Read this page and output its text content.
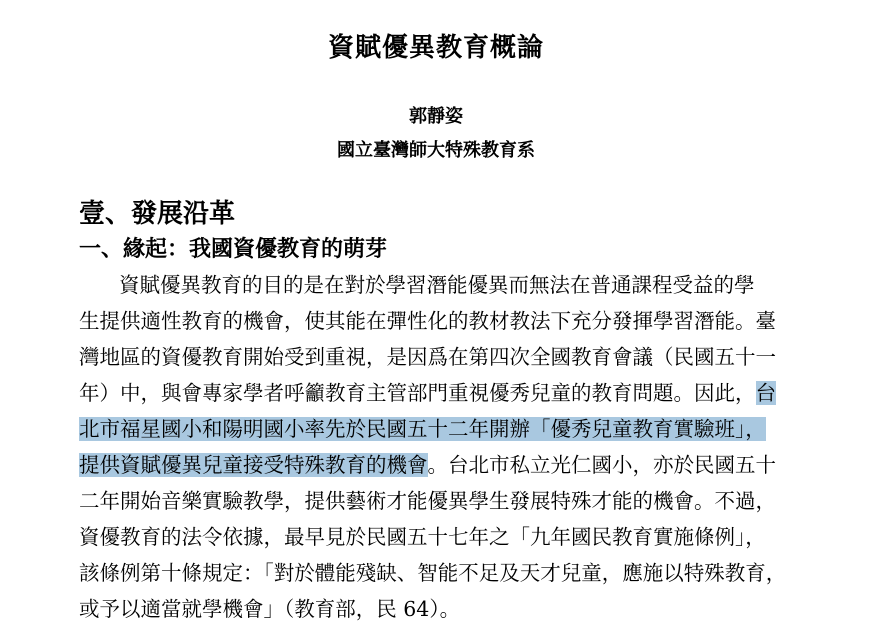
資賦優異教育概論
郭靜姿
國立臺灣師大特殊教育系
壹、發展沿革
一、緣起：我國資優教育的萌芽
資賦優異教育的目的是在對於學習潛能優異而無法在普通課程受益的學
生提供適性教育的機會，使其能在彈性化的教材教法下充分發揮學習潛能。臺
灣地區的資優教育開始受到重視，是因爲在第四次全國教育會議（民國五十一
年）中，與會專家學者呼籲教育主管部門重視優秀兒童的教育問題。因此，台
北市福星國小和陽明國小率先於民國五十二年開辦「優秀兒童教育實驗班」，
提供資賦優異兒童接受特殊教育的機會。台北市私立光仁國小，亦於民國五十
二年開始音樂實驗教學，提供藝術才能優異學生發展特殊才能的機會。不過，
資優教育的法令依據，最早見於民國五十七年之「九年國民教育實施條例」，
該條例第十條規定：「對於體能殘缺、智能不足及天才兒童，應施以特殊教育，
或予以適當就學機會」（教育部，民 64）。
